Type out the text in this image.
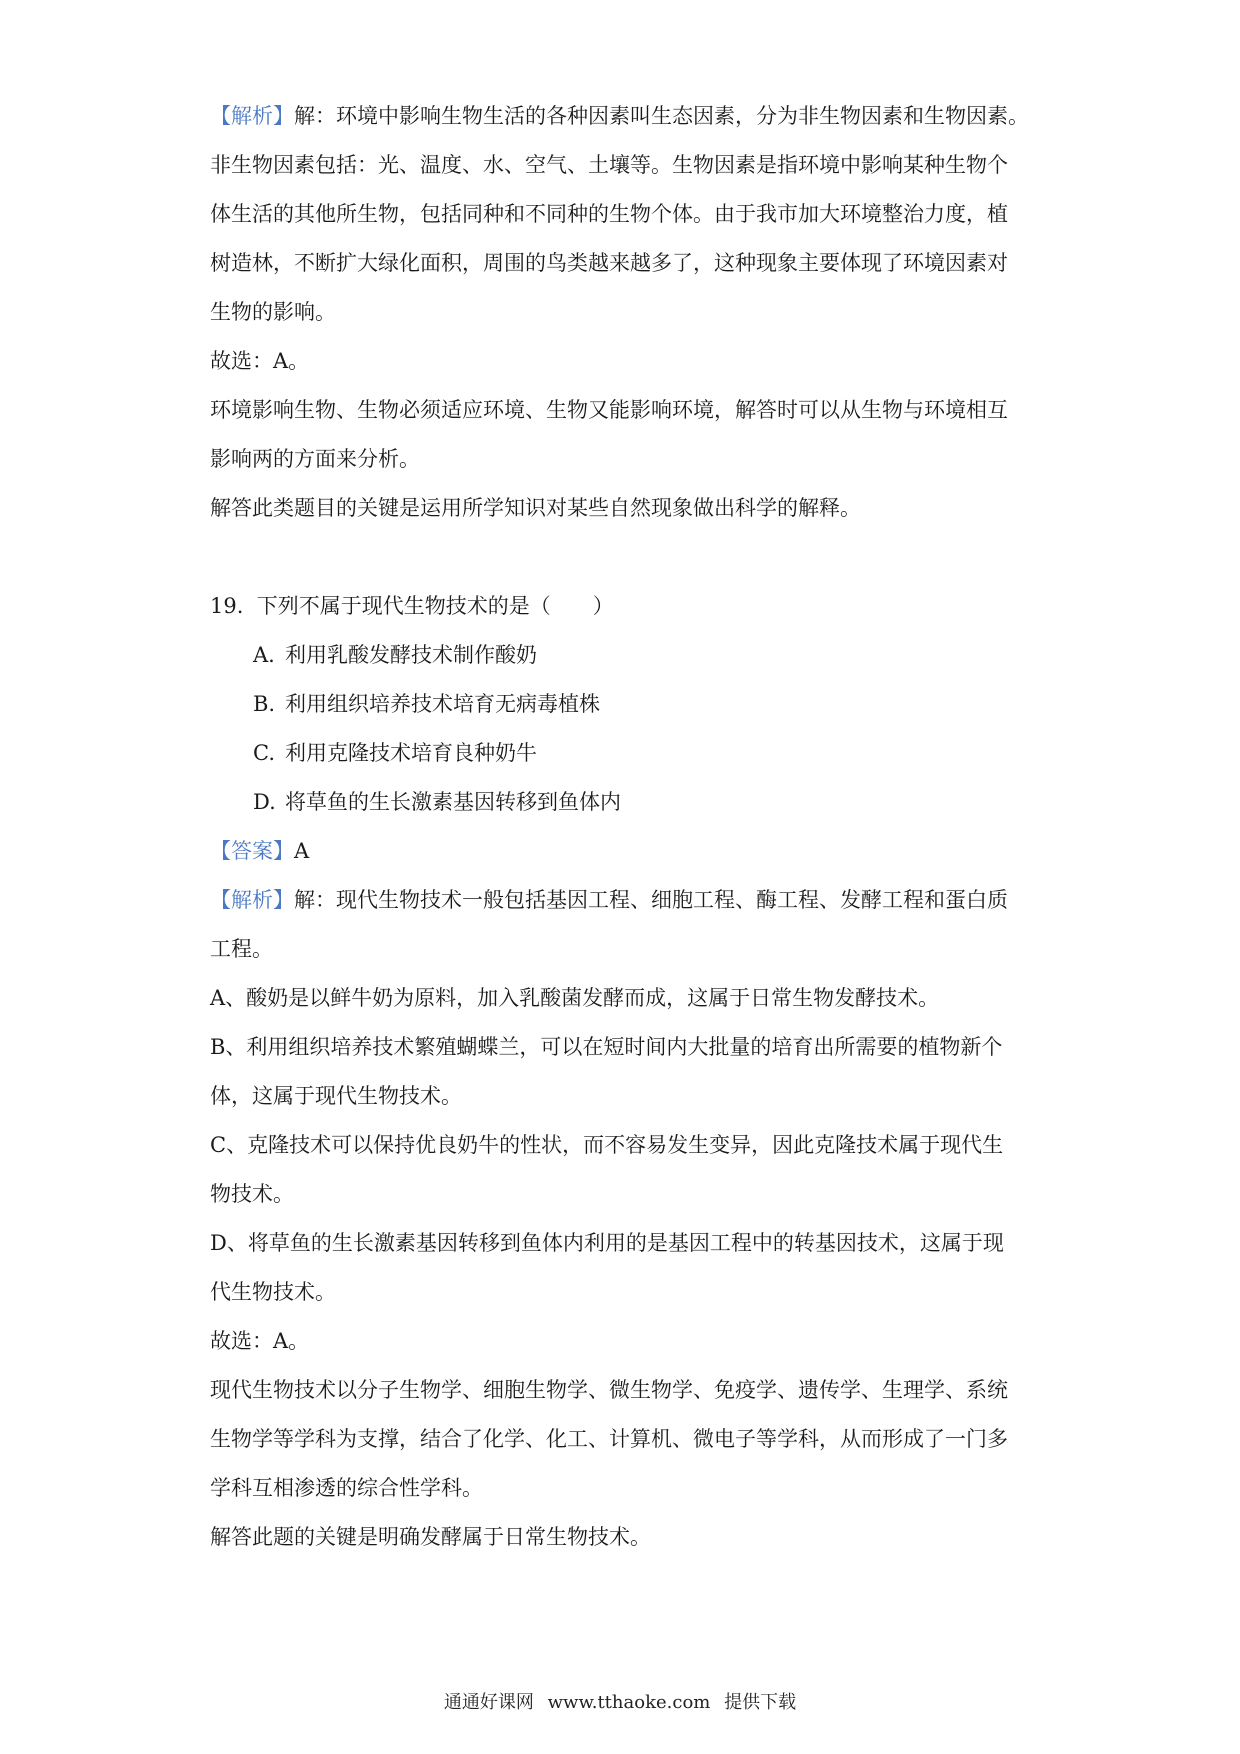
【解析】解：环境中影响生物生活的各种因素叫生态因素，分为非生物因素和生物因素。

非生物因素包括：光、温度、水、空气、土壤等。生物因素是指环境中影响某种生物个

体生活的其他所生物，包括同种和不同种的生物个体。由于我市加大环境整治力度，植

树造林，不断扩大绿化面积，周围的鸟类越来越多了，这种现象主要体现了环境因素对

生物的影响。

故选：A。

环境影响生物、生物必须适应环境、生物又能影响环境，解答时可以从生物与环境相互

影响两的方面来分析。

解答此类题目的关键是运用所学知识对某些自然现象做出科学的解释。

19. 下列不属于现代生物技术的是（　　）

A. 利用乳酸发酵技术制作酸奶

B. 利用组织培养技术培育无病毒植株

C. 利用克隆技术培育良种奶牛

D. 将草鱼的生长激素基因转移到鱼体内

【答案】A

【解析】解：现代生物技术一般包括基因工程、细胞工程、酶工程、发酵工程和蛋白质

工程。

A、酸奶是以鲜牛奶为原料，加入乳酸菌发酵而成，这属于日常生物发酵技术。

B、利用组织培养技术繁殖蝴蝶兰，可以在短时间内大批量的培育出所需要的植物新个

体，这属于现代生物技术。

C、克隆技术可以保持优良奶牛的性状，而不容易发生变异，因此克隆技术属于现代生

物技术。

D、将草鱼的生长激素基因转移到鱼体内利用的是基因工程中的转基因技术，这属于现

代生物技术。

故选：A。

现代生物技术以分子生物学、细胞生物学、微生物学、免疫学、遗传学、生理学、系统

生物学等学科为支撑，结合了化学、化工、计算机、微电子等学科，从而形成了一门多

学科互相渗透的综合性学科。

解答此题的关键是明确发酵属于日常生物技术。

通通好课网 www.tthaoke.com 提供下载
